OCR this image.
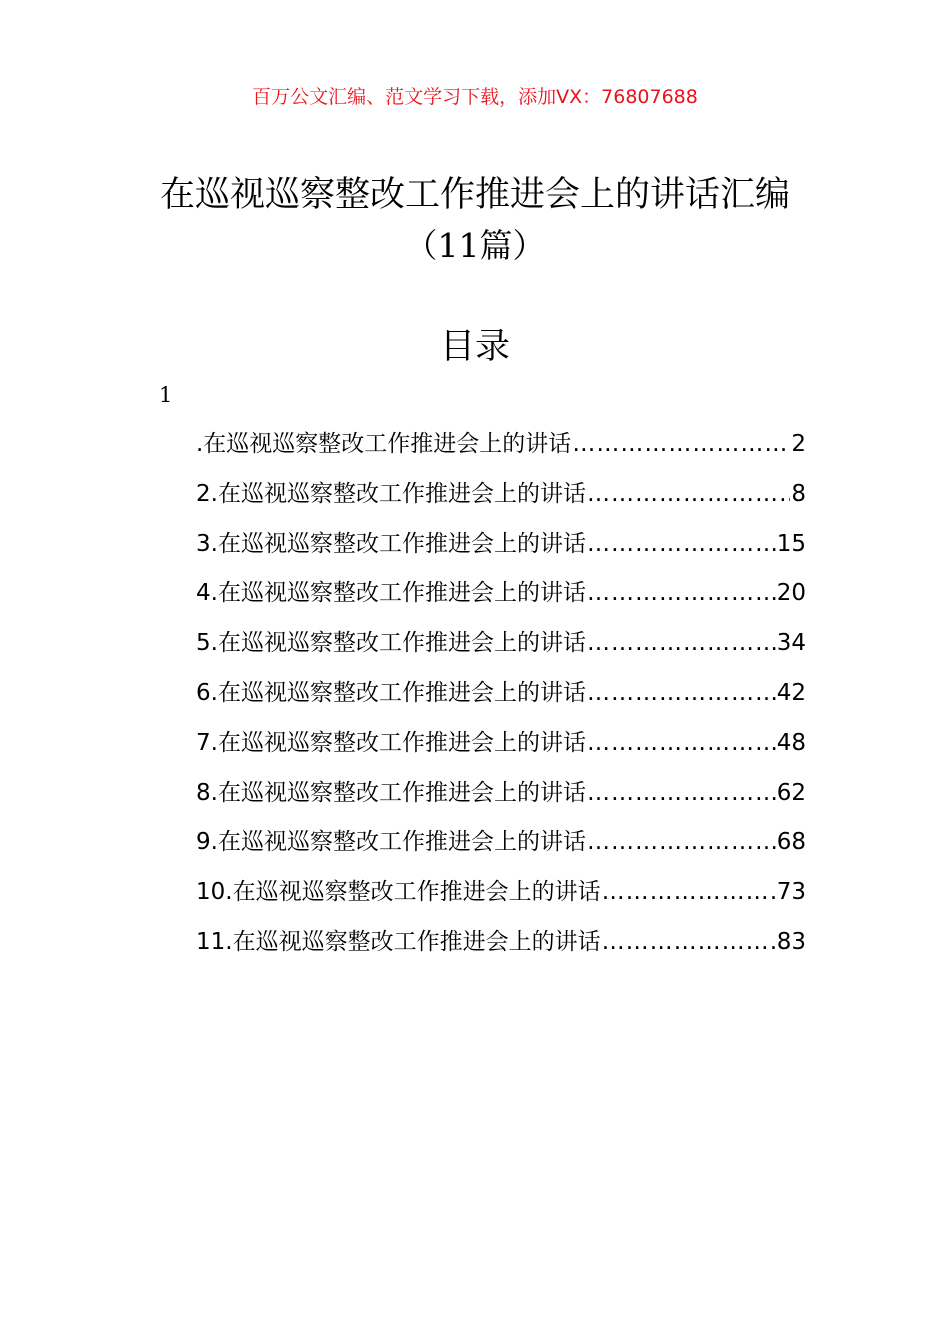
百万公文汇编、范文学习下载，添加VX：76807688
在巡视巡察整改工作推进会上的讲话汇编
（11篇）
目录
1
.在巡视巡察整改工作推进会上的讲话 …………………………………………………………………………………………………	2
2.在巡视巡察整改工作推进会上的讲话 …………………………………………………………………………………………………	8
3.在巡视巡察整改工作推进会上的讲话 …………………………………………………………………………………………………	15
4.在巡视巡察整改工作推进会上的讲话 …………………………………………………………………………………………………	20
5.在巡视巡察整改工作推进会上的讲话 …………………………………………………………………………………………………	34
6.在巡视巡察整改工作推进会上的讲话 …………………………………………………………………………………………………	42
7.在巡视巡察整改工作推进会上的讲话 …………………………………………………………………………………………………	48
8.在巡视巡察整改工作推进会上的讲话 …………………………………………………………………………………………………	62
9.在巡视巡察整改工作推进会上的讲话 …………………………………………………………………………………………………	68
10.在巡视巡察整改工作推进会上的讲话 …………………………………………………………………………………………………	73
11.在巡视巡察整改工作推进会上的讲话 …………………………………………………………………………………………………	83
